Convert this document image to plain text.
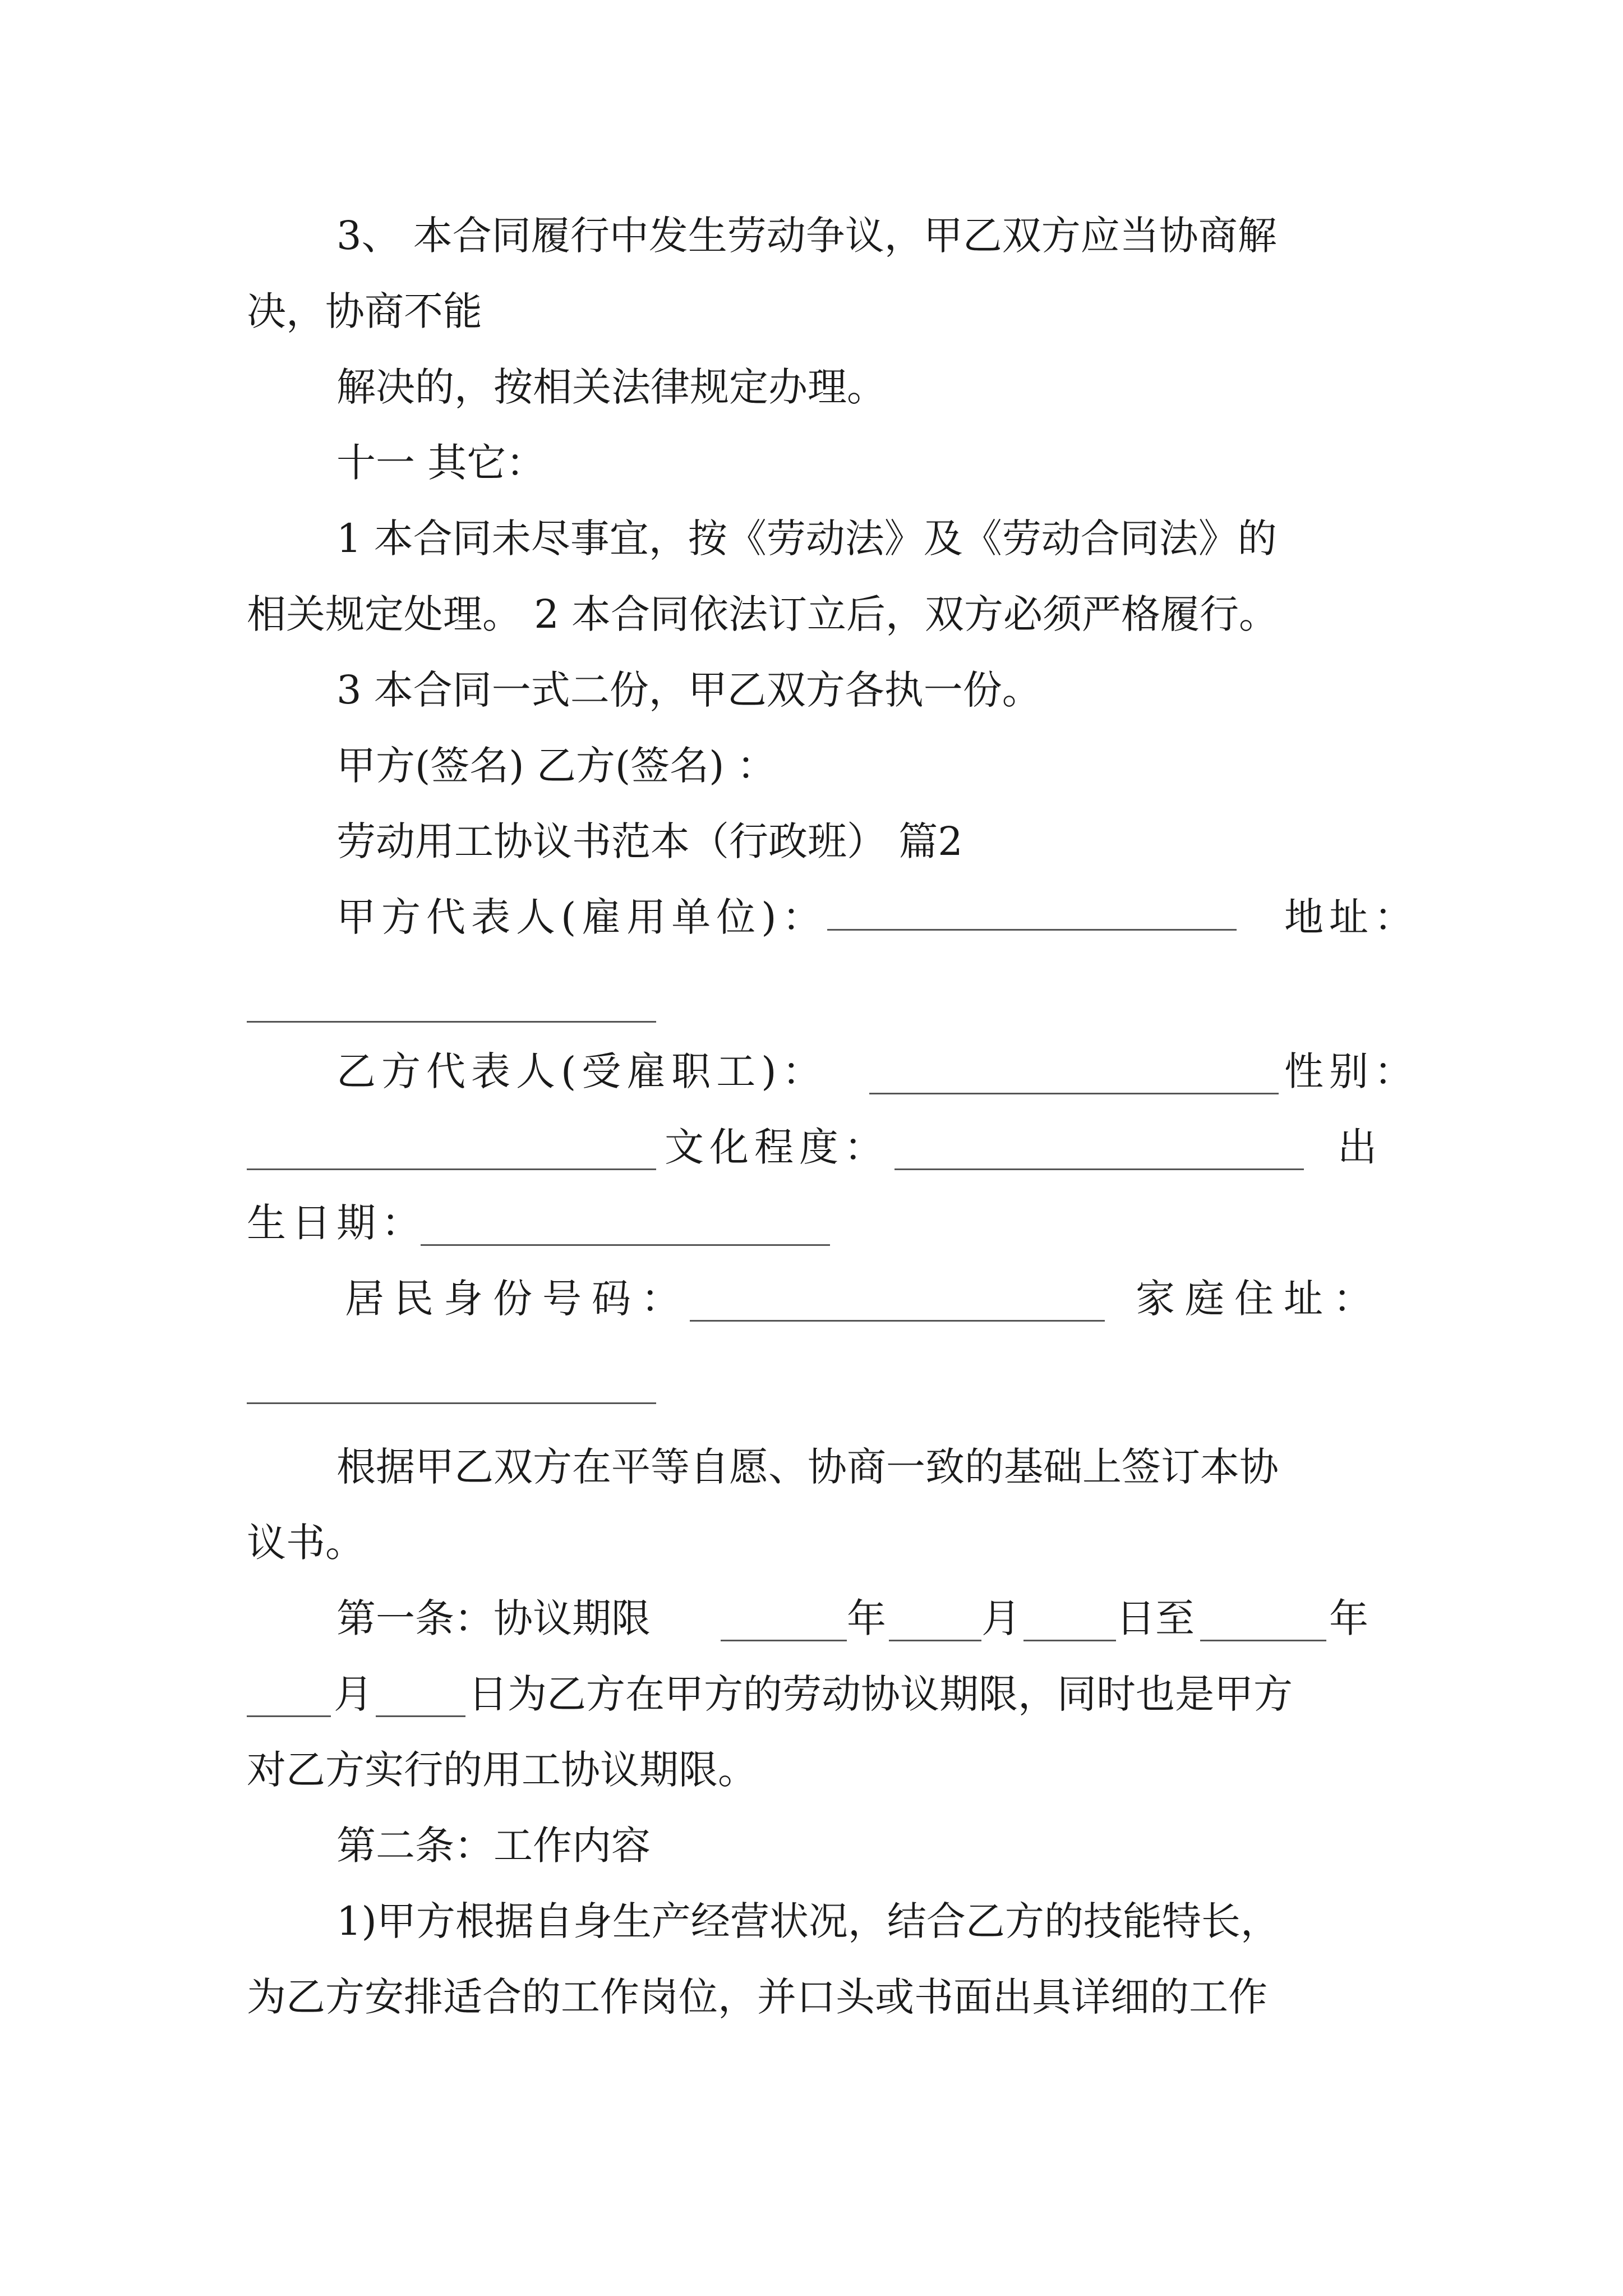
3、 本合同履行中发生劳动争议，甲乙双方应当协商解
决，协商不能
解决的，按相关法律规定办理。
十一 其它：
1 本合同未尽事宜，按《劳动法》及《劳动合同法》的
相关规定处理。 2 本合同依法订立后，双方必须严格履行。
3 本合同一式二份，甲乙双方各执一份。
甲方(签名) 乙方(签名) ：
劳动用工协议书范本（行政班） 篇2
甲方代表人(雇用单位)：	地址：
乙方代表人(受雇职工)：	性别：
文化程度：	出
生日期：
居民身份号码：	家庭住址：
根据甲乙双方在平等自愿、协商一致的基础上签订本协
议书。
第一条：协议期限	年 月 日至	年
月 日为乙方在甲方的劳动协议期限，同时也是甲方
对乙方实行的用工协议期限。
第二条：工作内容
1)甲方根据自身生产经营状况，结合乙方的技能特长，
为乙方安排适合的工作岗位，并口头或书面出具详细的工作
